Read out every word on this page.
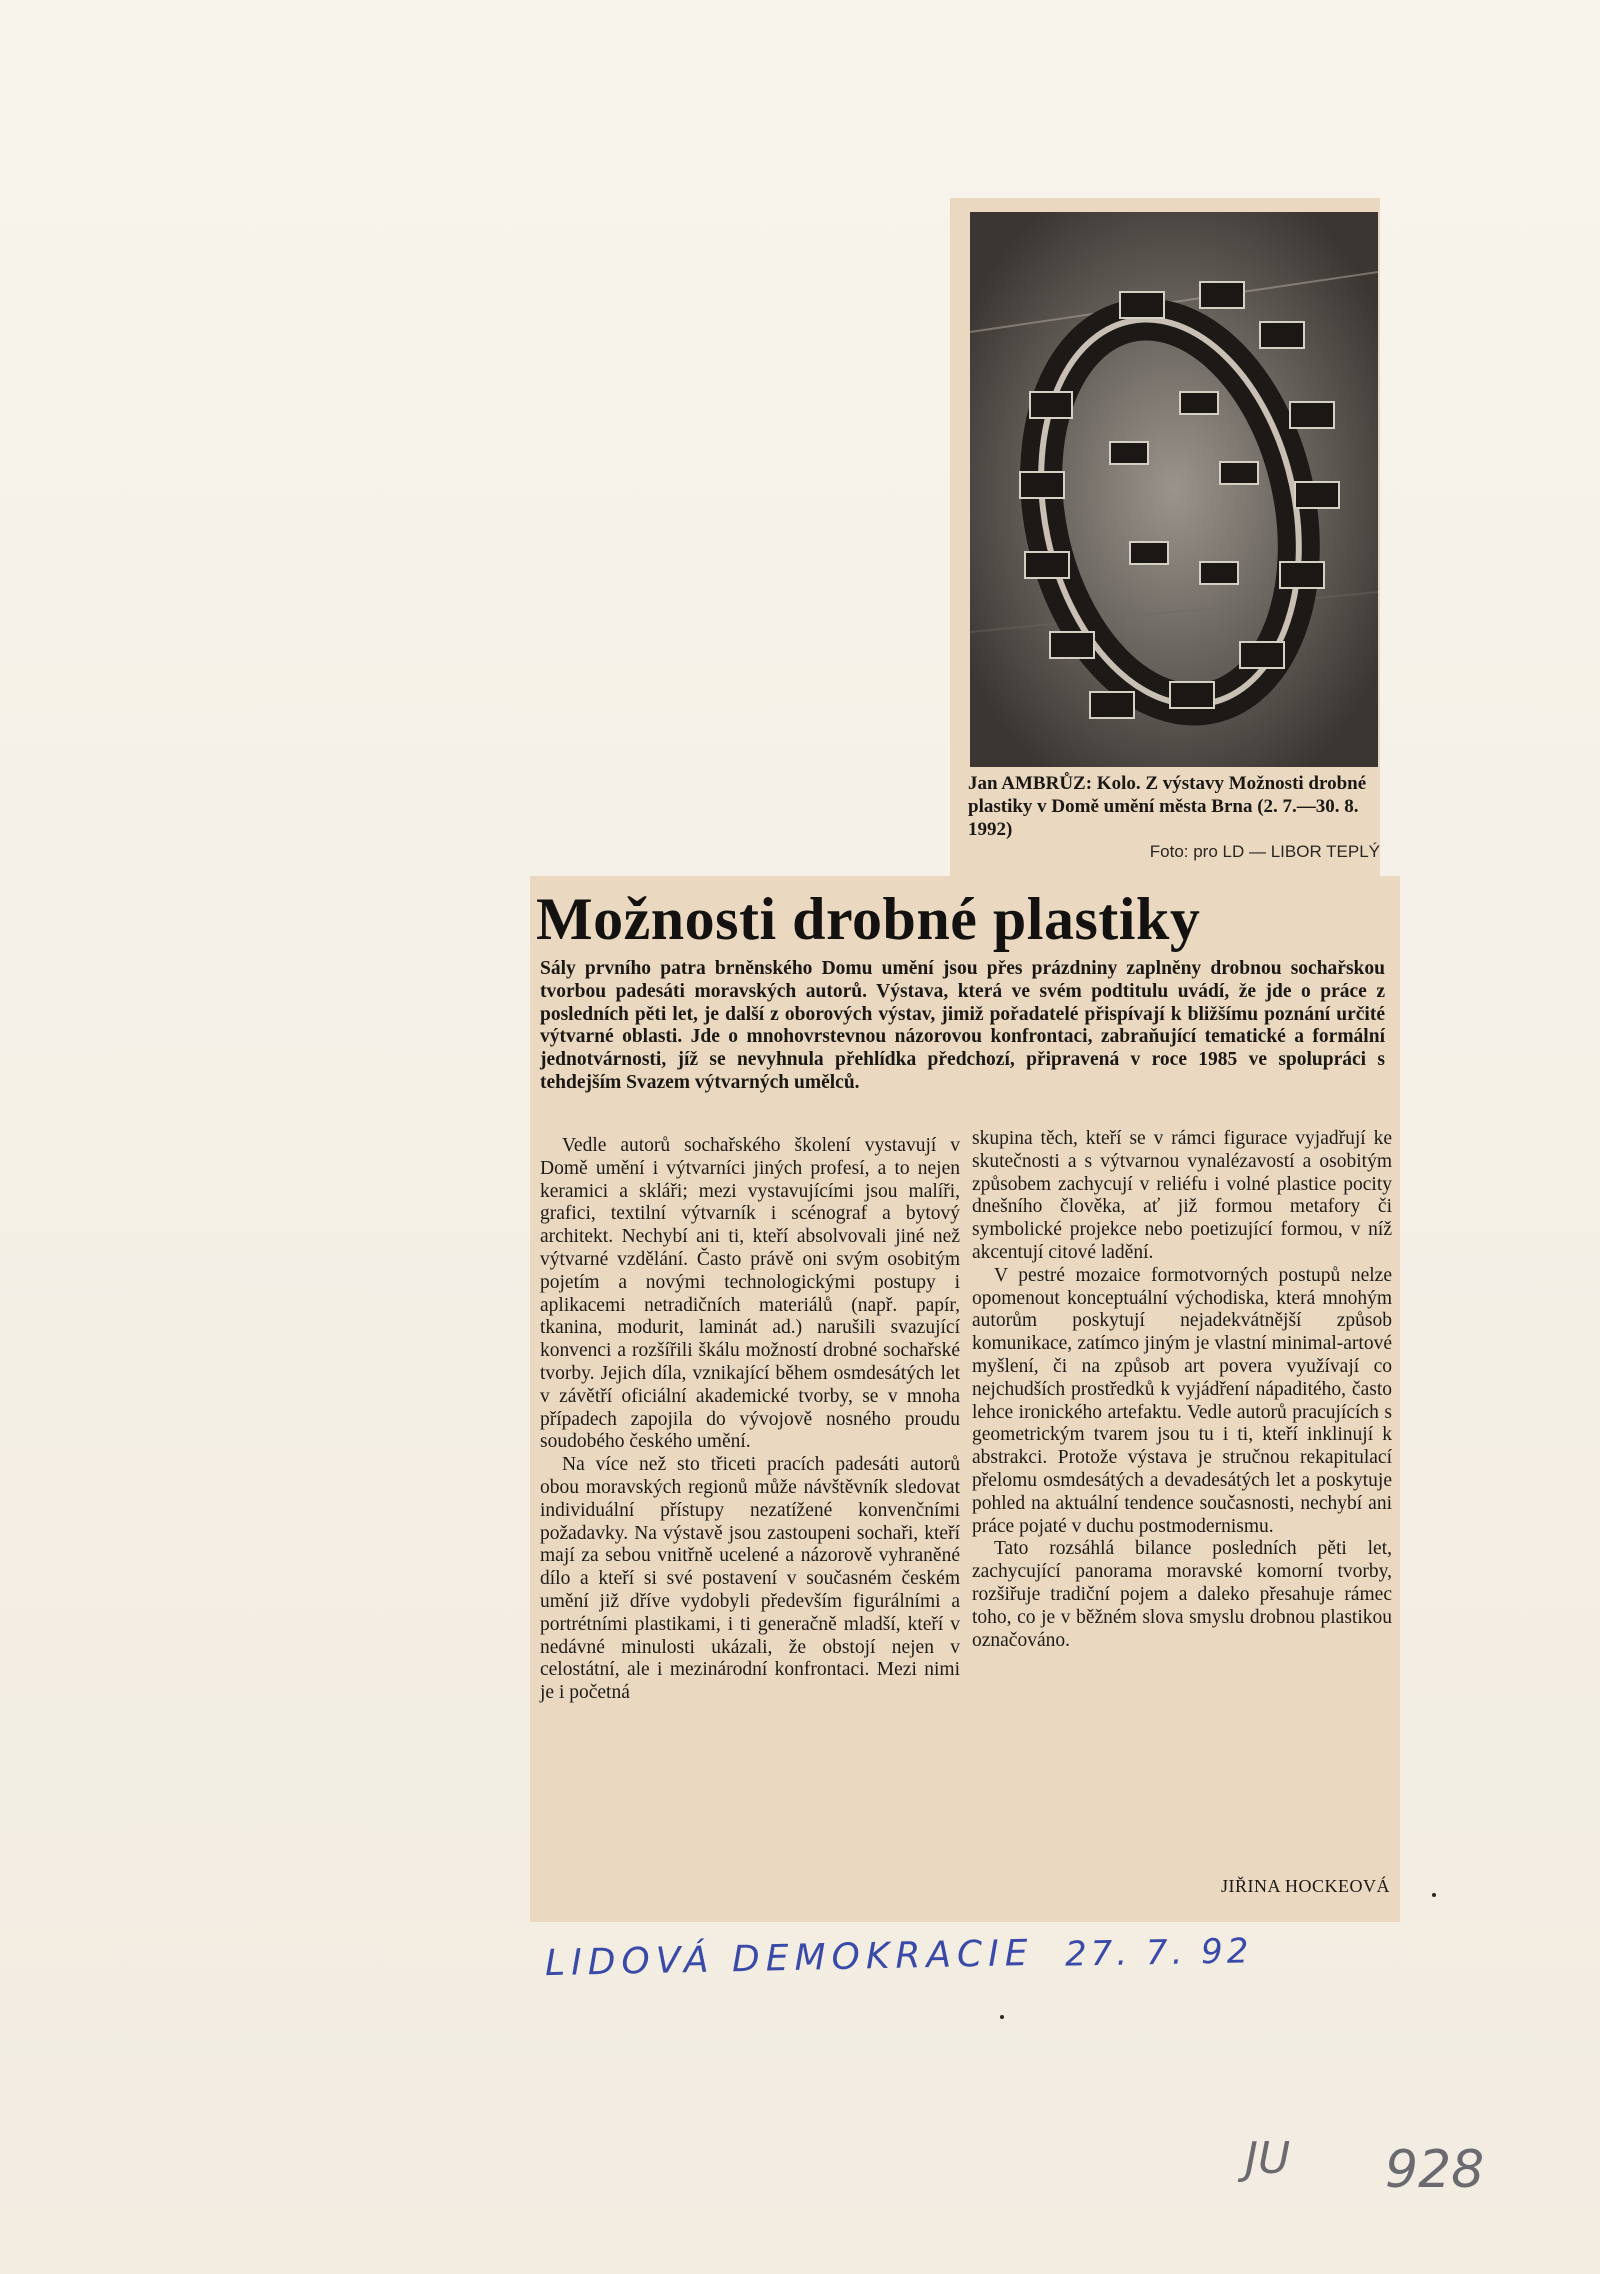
Jan AMBRŮZ: Kolo. Z výstavy Možnosti drobné plastiky v Domě umění města Brna (2. 7.—30. 8. 1992)
Foto: pro LD — LIBOR TEPLÝ
Možnosti drobné plastiky
Sály prvního patra brněnského Domu umění jsou přes prázdniny zaplněny drobnou sochařskou tvorbou padesáti moravských autorů. Výstava, která ve svém podtitulu uvádí, že jde o práce z posledních pěti let, je další z oborových výstav, jimiž pořadatelé přispívají k bližšímu poznání určité výtvarné oblasti. Jde o mnohovrstevnou názorovou konfrontaci, zabraňující tematické a formální jednotvárnosti, jíž se nevyhnula přehlídka předchozí, připravená v roce 1985 ve spolupráci s tehdejším Svazem výtvarných umělců.

Vedle autorů sochařského školení vystavují v Domě umění i výtvarníci jiných profesí, a to nejen keramici a skláři; mezi vystavujícími jsou malíři, grafici, textilní výtvarník i scénograf a bytový architekt. Nechybí ani ti, kteří absolvovali jiné než výtvarné vzdělání. Často právě oni svým osobitým pojetím a novými technologickými postupy i aplikacemi netradičních materiálů (např. papír, tkanina, modurit, laminát ad.) narušili svazující konvenci a rozšířili škálu možností drobné sochařské tvorby. Jejich díla, vznikající během osmdesátých let v závětří oficiální akademické tvorby, se v mnoha případech zapojila do vývojově nosného proudu soudobého českého umění.

Na více než sto třiceti pracích padesáti autorů obou moravských regionů může návštěvník sledovat individuální přístupy nezatížené konvenčními požadavky. Na výstavě jsou zastoupeni sochaři, kteří mají za sebou vnitřně ucelené a názorově vyhraněné dílo a kteří si své postavení v současném českém umění již dříve vydobyli především figurálními a portrétními plastikami, i ti generačně mladší, kteří v nedávné minulosti ukázali, že obstojí nejen v celostátní, ale i mezinárodní konfrontaci. Mezi nimi je i početná

skupina těch, kteří se v rámci figurace vyjadřují ke skutečnosti a s výtvarnou vynalézavostí a osobitým způsobem zachycují v reliéfu i volné plastice pocity dnešního člověka, ať již formou metafory či symbolické projekce nebo poetizující formou, v níž akcentují citové ladění.

V pestré mozaice formotvorných postupů nelze opomenout konceptuální východiska, která mnohým autorům poskytují nejadekvátnější způsob komunikace, zatímco jiným je vlastní minimal-artové myšlení, či na způsob art povera využívají co nejchudších prostředků k vyjádření nápaditého, často lehce ironického artefaktu. Vedle autorů pracujících s geometrickým tvarem jsou tu i ti, kteří inklinují k abstrakci. Protože výstava je stručnou rekapitulací přelomu osmdesátých a devadesátých let a poskytuje pohled na aktuální tendence současnosti, nechybí ani práce pojaté v duchu postmodernismu.

Tato rozsáhlá bilance posledních pěti let, zachycující panorama moravské komorní tvorby, rozšiřuje tradiční pojem a daleko přesahuje rámec toho, co je v běžném slova smyslu drobnou plastikou označováno.

JIŘINA HOCKEOVÁ
LIDOVÁ DEMOKRACIE 27. 7. 92
JU 928
